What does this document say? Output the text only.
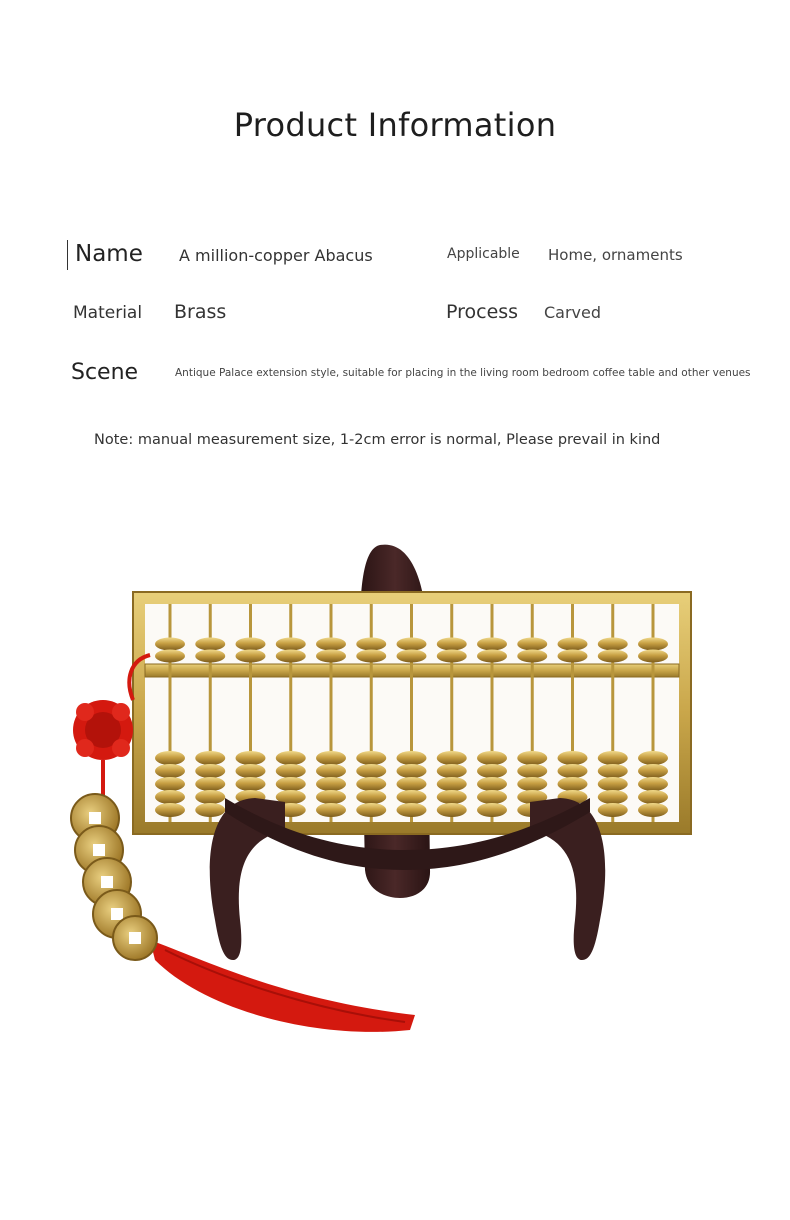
Product Information
Name A million-copper Abacus	Applicable Home, ornaments
Material Brass	Process Carved
Scene	Antique Palace extension style, suitable for placing in the living room bedroom coffee table and other venues
Note: manual measurement size, 1-2cm error is normal, Please prevail in kind
